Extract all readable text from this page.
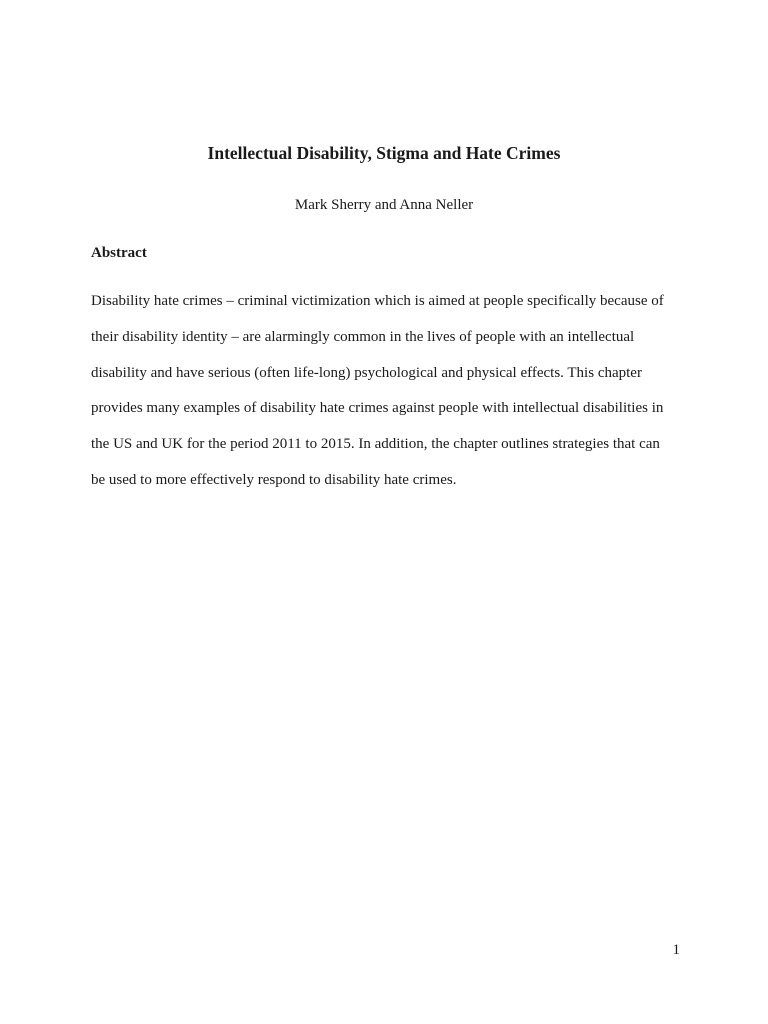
Intellectual Disability, Stigma and Hate Crimes

Mark Sherry and Anna Neller

Abstract
Disability hate crimes – criminal victimization which is aimed at people specifically because of
their disability identity – are alarmingly common in the lives of people with an intellectual
disability and have serious (often life-long) psychological and physical effects. This chapter
provides many examples of disability hate crimes against people with intellectual disabilities in
the US and UK for the period 2011 to 2015. In addition, the chapter outlines strategies that can
be used to more effectively respond to disability hate crimes.

1
